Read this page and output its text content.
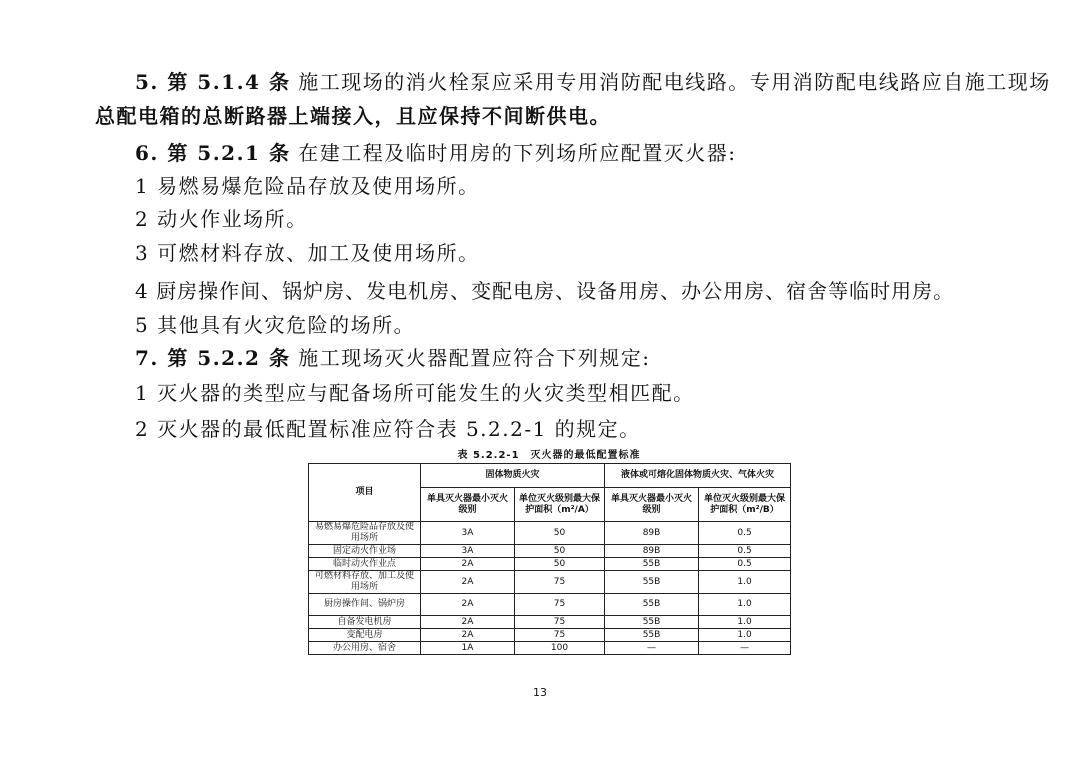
5. 第 5.1.4 条 施工现场的消火栓泵应采用专用消防配电线路。专用消防配电线路应自施工现场
总配电箱的总断路器上端接入，且应保持不间断供电。
6. 第 5.2.1 条 在建工程及临时用房的下列场所应配置灭火器:
1 易燃易爆危险品存放及使用场所。
2 动火作业场所。
3 可燃材料存放、加工及使用场所。
4 厨房操作间、锅炉房、发电机房、变配电房、设备用房、办公用房、宿舍等临时用房。
5 其他具有火灾危险的场所。
7. 第 5.2.2 条 施工现场灭火器配置应符合下列规定:
1 灭火器的类型应与配备场所可能发生的火灾类型相匹配。
2 灭火器的最低配置标准应符合表 5.2.2-1 的规定。
表 5.2.2-1　灭火器的最低配置标准
项目	固体物质火灾		液体或可熔化固体物质火灾、气体火灾	
	单具灭火器最小灭火级别	单位灭火级别最大保护面积（m²/A）	单具灭火器最小灭火级别	单位灭火级别最大保护面积（m²/B）
易燃易爆危险品存放及使用场所	3A	50	89B	0.5
固定动火作业场	3A	50	89B	0.5
临时动火作业点	2A	50	55B	0.5
可燃材料存放、加工及使用场所	2A	75	55B	1.0
厨房操作间、锅炉房	2A	75	55B	1.0
自备发电机房	2A	75	55B	1.0
变配电房	2A	75	55B	1.0
办公用房、宿舍	1A	100	—	—
13
